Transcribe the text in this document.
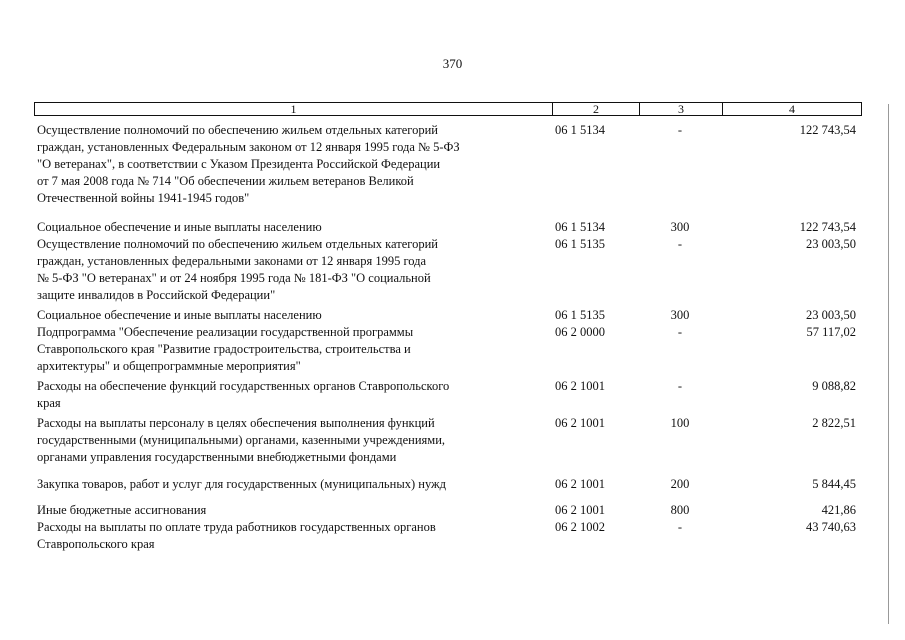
370
1	2	3	4
Осуществление полномочий по обеспечению жильем отдельных категорий
граждан, установленных Федеральным законом от 12 января 1995 года № 5-ФЗ
"О ветеранах", в соответствии с Указом Президента Российской Федерации
от 7 мая 2008 года № 714 "Об обеспечении жильем ветеранов Великой
Отечественной войны 1941-1945 годов"
06 1 5134	-	122 743,54
Социальное обеспечение и иные выплаты населению	06 1 5134	300	122 743,54
Осуществление полномочий по обеспечению жильем отдельных категорий
граждан, установленных федеральными законами от 12 января 1995 года
№ 5-ФЗ "О ветеранах" и от 24 ноября 1995 года № 181-ФЗ "О социальной
защите инвалидов в Российской Федерации"
06 1 5135	-	23 003,50
Социальное обеспечение и иные выплаты населению	06 1 5135	300	23 003,50
Подпрограмма "Обеспечение реализации государственной программы
Ставропольского края "Развитие градостроительства, строительства и
архитектуры" и общепрограммные мероприятия"
06 2 0000	-	57 117,02
Расходы на обеспечение функций государственных органов Ставропольского
края
06 2 1001	-	9 088,82
Расходы на выплаты персоналу в целях обеспечения выполнения функций
государственными (муниципальными) органами, казенными учреждениями,
органами управления государственными внебюджетными фондами
06 2 1001	100	2 822,51
Закупка товаров, работ и услуг для государственных (муниципальных) нужд	06 2 1001	200	5 844,45
Иные бюджетные ассигнования	06 2 1001	800	421,86
Расходы на выплаты по оплате труда работников государственных органов
Ставропольского края
06 2 1002	-	43 740,63
